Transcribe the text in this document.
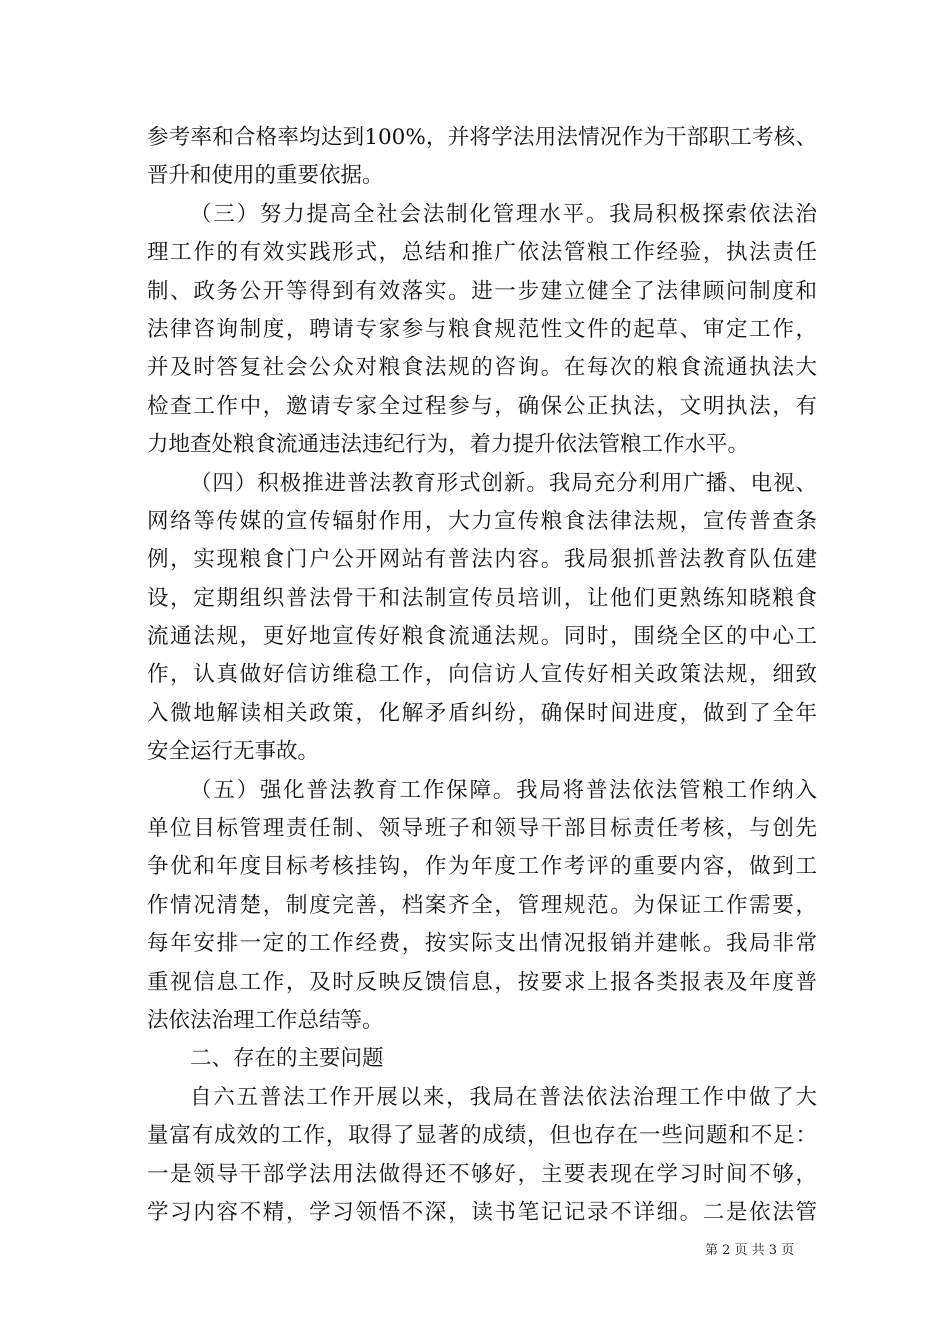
参考率和合格率均达到100%，并将学法用法情况作为干部职工考核、
晋升和使用的重要依据。
（三）努力提高全社会法制化管理水平。我局积极探索依法治
理工作的有效实践形式，总结和推广依法管粮工作经验，执法责任
制、政务公开等得到有效落实。进一步建立健全了法律顾问制度和
法律咨询制度，聘请专家参与粮食规范性文件的起草、审定工作，
并及时答复社会公众对粮食法规的咨询。在每次的粮食流通执法大
检查工作中，邀请专家全过程参与，确保公正执法，文明执法，有
力地查处粮食流通违法违纪行为，着力提升依法管粮工作水平。
（四）积极推进普法教育形式创新。我局充分利用广播、电视、
网络等传媒的宣传辐射作用，大力宣传粮食法律法规，宣传普查条
例，实现粮食门户公开网站有普法内容。我局狠抓普法教育队伍建
设，定期组织普法骨干和法制宣传员培训，让他们更熟练知晓粮食
流通法规，更好地宣传好粮食流通法规。同时，围绕全区的中心工
作，认真做好信访维稳工作，向信访人宣传好相关政策法规，细致
入微地解读相关政策，化解矛盾纠纷，确保时间进度，做到了全年
安全运行无事故。
（五）强化普法教育工作保障。我局将普法依法管粮工作纳入
单位目标管理责任制、领导班子和领导干部目标责任考核，与创先
争优和年度目标考核挂钩，作为年度工作考评的重要内容，做到工
作情况清楚，制度完善，档案齐全，管理规范。为保证工作需要，
每年安排一定的工作经费，按实际支出情况报销并建帐。我局非常
重视信息工作，及时反映反馈信息，按要求上报各类报表及年度普
法依法治理工作总结等。
二、存在的主要问题
自六五普法工作开展以来，我局在普法依法治理工作中做了大
量富有成效的工作，取得了显著的成绩，但也存在一些问题和不足：
一是领导干部学法用法做得还不够好，主要表现在学习时间不够，
学习内容不精，学习领悟不深，读书笔记记录不详细。二是依法管
第 2 页 共 3 页
